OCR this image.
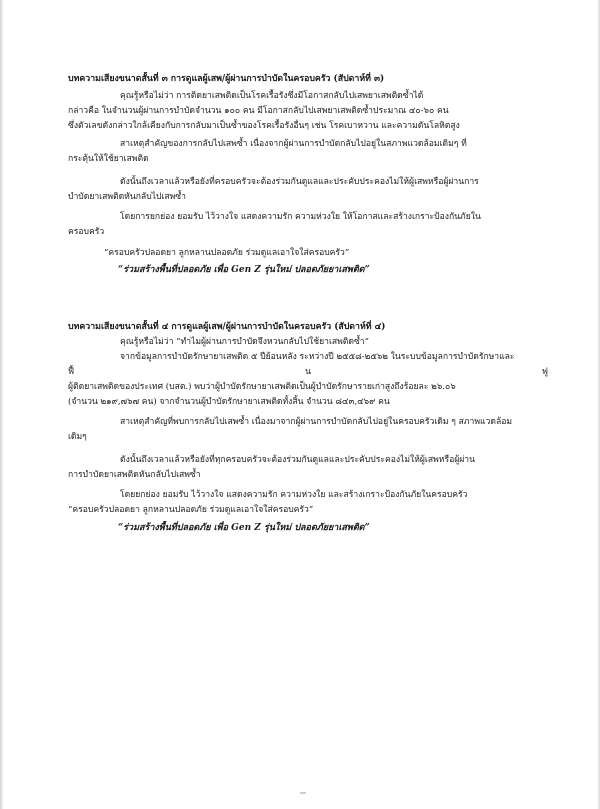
บทความเสียงขนาดสั้นที่ ๓ การดูแลผู้เสพ/ผู้ผ่านการบำบัดในครอบครัว (สัปดาห์ที่ ๓)
คุณรู้หรือไม่ว่า การติดยาเสพติดเป็นโรคเรื้อรังซึ่งมีโอกาสกลับไปเสพยาเสพติดซ้ำได้
กล่าวคือ ในจำนวนผู้ผ่านการบำบัดจำนวน ๑๐๐ คน มีโอกาสกลับไปเสพยาเสพติดซ้ำประมาณ ๔๐-๖๐ คน
ซึ่งตัวเลขดังกล่าวใกล้เคียงกับการกลับมาเป็นซ้ำของโรคเรื้อรังอื่นๆ เช่น โรคเบาหวาน และความดันโลหิตสูง
สาเหตุสำคัญของการกลับไปเสพซ้ำ เนื่องจากผู้ผ่านการบำบัดกลับไปอยู่ในสภาพแวดล้อมเดิมๆ ที่
กระตุ้นให้ใช้ยาเสพติด
ดังนั้นถึงเวลาแล้วหรือยังที่ครอบครัวจะต้องร่วมกันดูแลและประคับประคองไม่ให้ผู้เสพหรือผู้ผ่านการ
บำบัดยาเสพติดหันกลับไปเสพซ้ำ
โดยการยกย่อง ยอมรับ ไว้วางใจ แสดงความรัก ความห่วงใย ให้โอกาสและสร้างเกราะป้องกันภัยใน
ครอบครัว
“ครอบครัวปลอดยา ลูกหลานปลอดภัย ร่วมดูแลเอาใจใส่ครอบครัว”
“ร่วมสร้างพื้นที่ปลอดภัย เพื่อ Gen Z รุ่นใหม่ ปลอดภัยยาเสพติด”
บทความเสียงขนาดสั้นที่ ๔ การดูแลผู้เสพ/ผู้ผ่านการบำบัดในครอบครัว (สัปดาห์ที่ ๔)
คุณรู้หรือไม่ว่า “ทำไมผู้ผ่านการบำบัดจึงหวนกลับไปใช้ยาเสพติดซ้ำ”
จากข้อมูลการบำบัดรักษายาเสพติด ๕ ปีย้อนหลัง ระหว่างปี ๒๕๕๘-๒๕๖๒ ในระบบข้อมูลการบำบัดรักษาและ
ฟื้	น	ฟู
ผู้ติดยาเสพติดของประเทศ (บสต.) พบว่าผู้บำบัดรักษายาเสพติดเป็นผู้บำบัดรักษารายเก่าสูงถึงร้อยละ ๒๖.๐๖
(จำนวน ๒๑๙,๗๖๗ คน) จากจำนวนผู้บำบัดรักษายาเสพติดทั้งสิ้น จำนวน ๘๔๓,๔๖๙ คน
สาเหตุสำคัญที่พบการกลับไปเสพซ้ำ เนื่องมาจากผู้ผ่านการบำบัดกลับไปอยู่ในครอบครัวเดิม ๆ สภาพแวดล้อม
เดิมๆ
ดังนั้นถึงเวลาแล้วหรือยังที่ทุกครอบครัวจะต้องร่วมกันดูแลและประคับประคองไม่ให้ผู้เสพหรือผู้ผ่าน
การบำบัดยาเสพติดหันกลับไปเสพซ้ำ
โดยยกย่อง ยอมรับ ไว้วางใจ แสดงความรัก ความห่วงใย และสร้างเกราะป้องกันภัยในครอบครัว
“ครอบครัวปลอดยา ลูกหลานปลอดภัย ร่วมดูแลเอาใจใส่ครอบครัว”
“ร่วมสร้างพื้นที่ปลอดภัย เพื่อ Gen Z รุ่นใหม่ ปลอดภัยยาเสพติด”
